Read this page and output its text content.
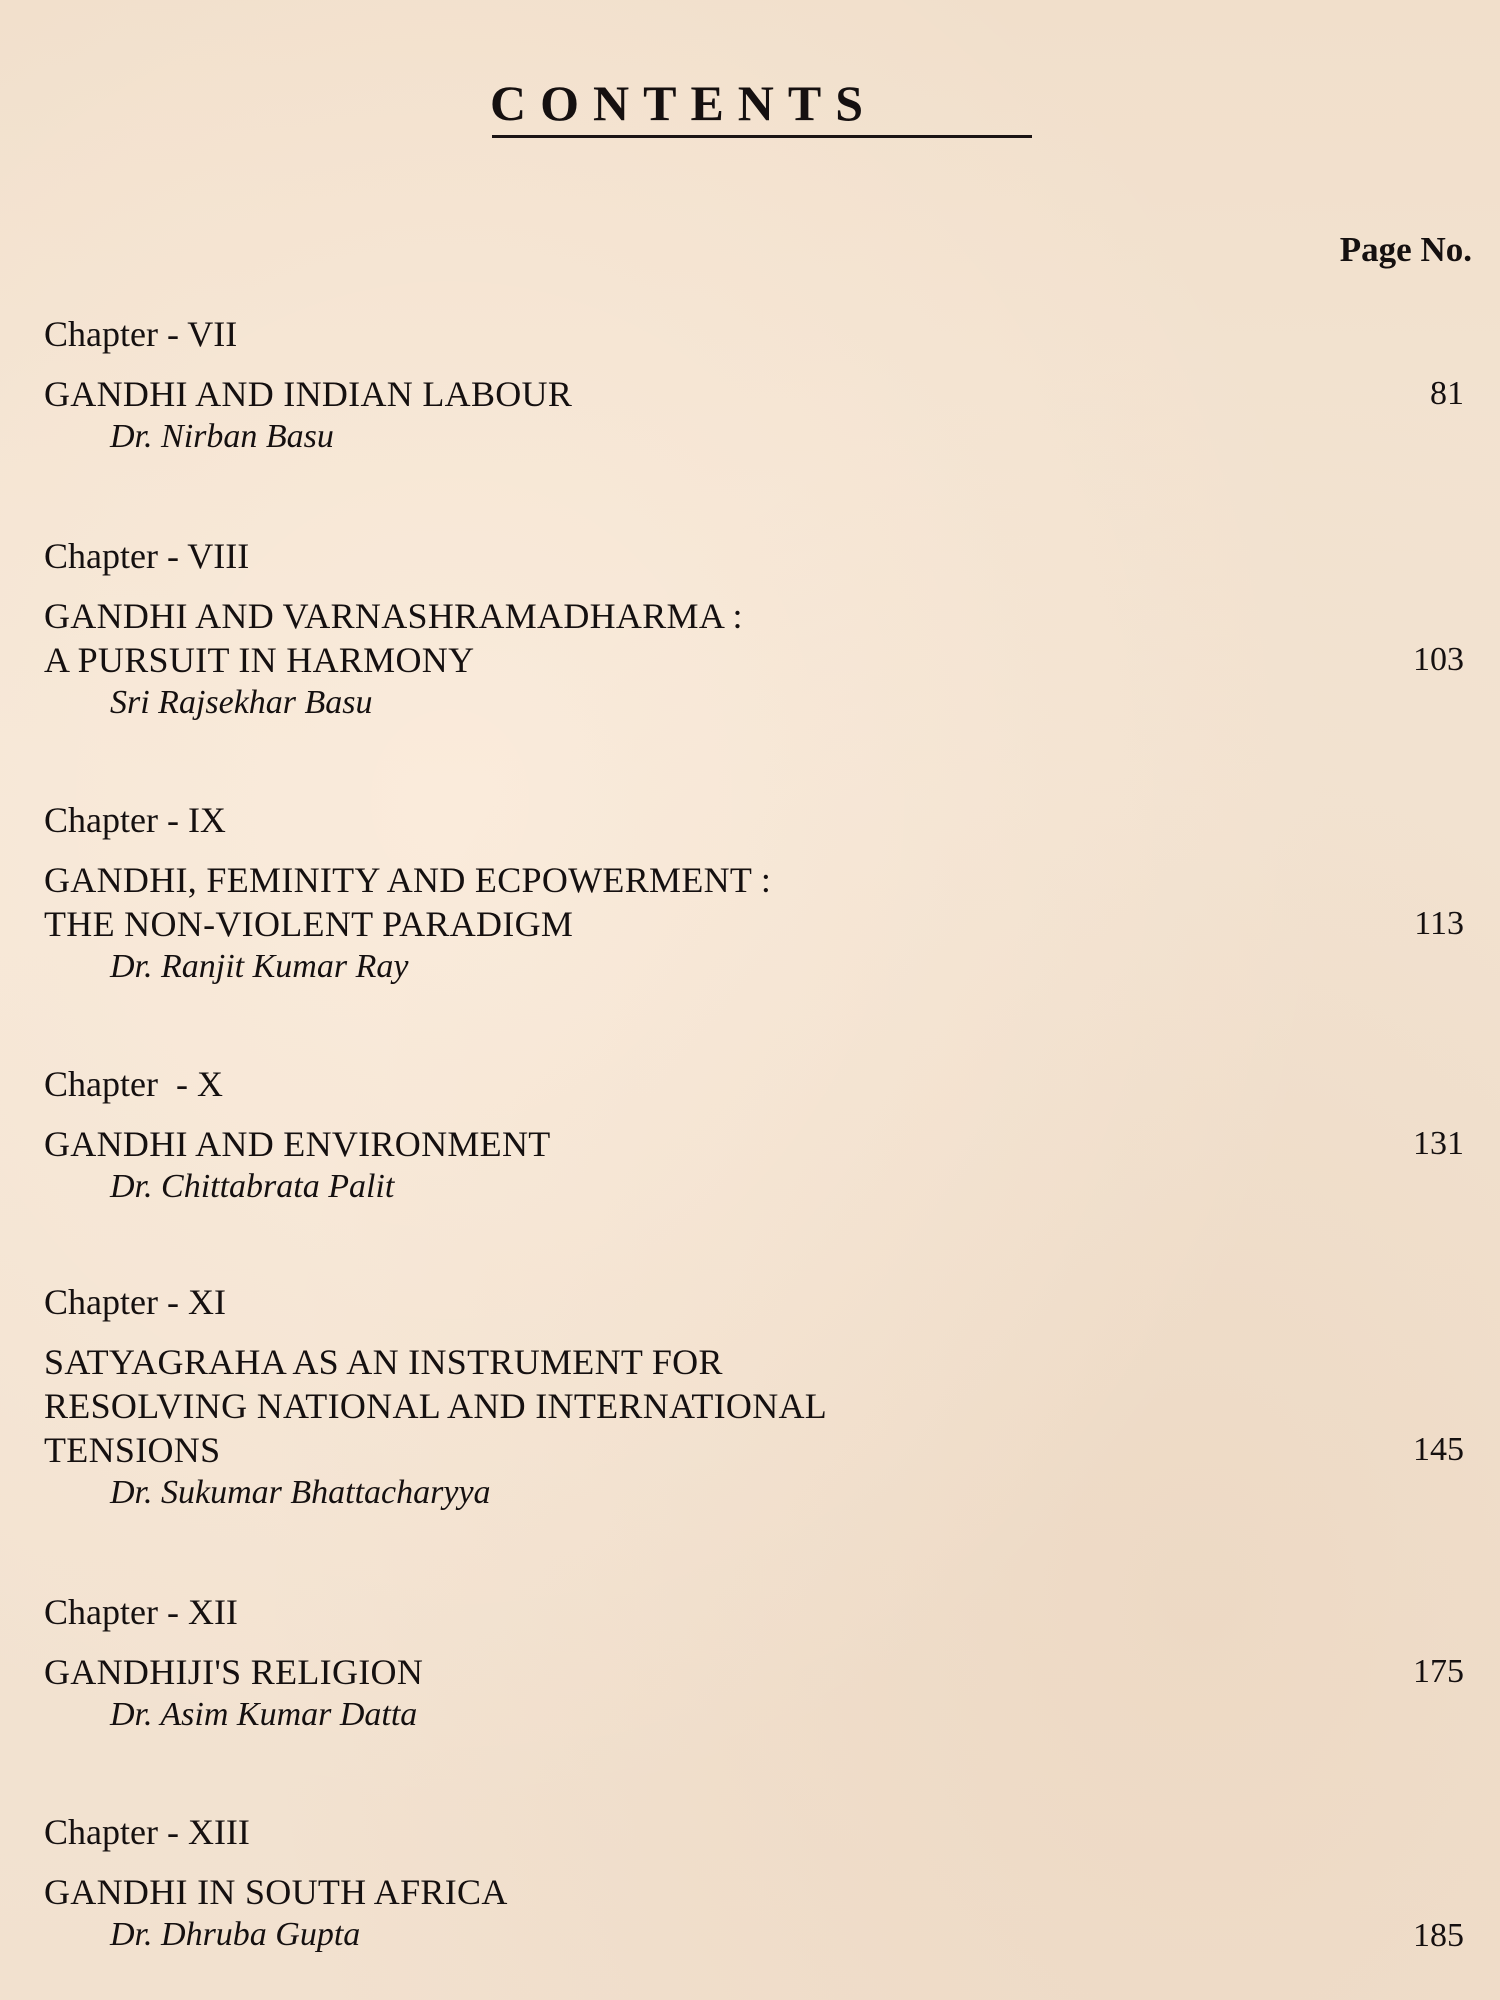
CONTENTS
Page No.
Chapter - VII
GANDHI AND INDIAN LABOUR
Dr. Nirban Basu
81
Chapter - VIII
GANDHI AND VARNASHRAMADHARMA :
A PURSUIT IN HARMONY
Sri Rajsekhar Basu
103
Chapter - IX
GANDHI, FEMINITY AND ECPOWERMENT :
THE NON-VIOLENT PARADIGM
Dr. Ranjit Kumar Ray
113
Chapter  - X
GANDHI AND ENVIRONMENT
Dr. Chittabrata Palit
131
Chapter - XI
SATYAGRAHA AS AN INSTRUMENT FOR
RESOLVING NATIONAL AND INTERNATIONAL
TENSIONS
Dr. Sukumar Bhattacharyya
145
Chapter - XII
GANDHIJI'S RELIGION
Dr. Asim Kumar Datta
175
Chapter - XIII
GANDHI IN SOUTH AFRICA
Dr. Dhruba Gupta	185
